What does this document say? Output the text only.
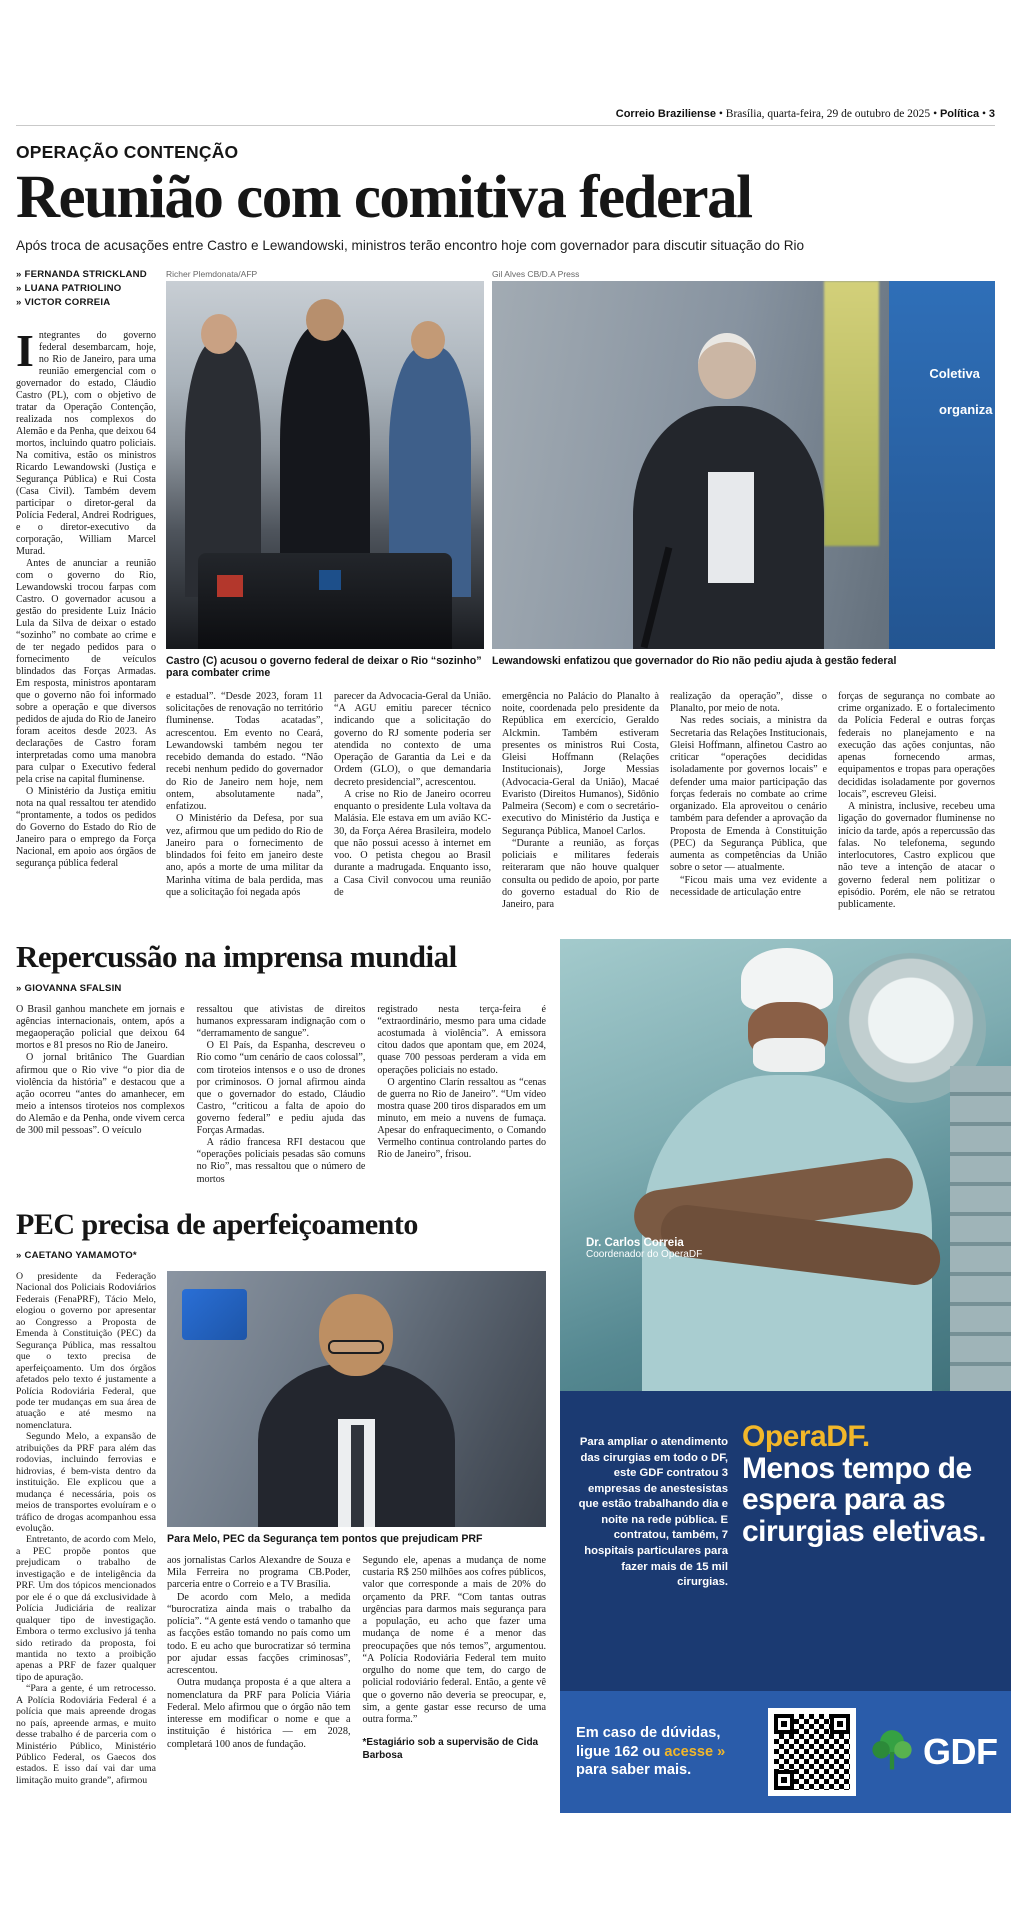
Correio Braziliense • Brasília, quarta-feira, 29 de outubro de 2025 • Política • 3
OPERAÇÃO CONTENÇÃO
Reunião com comitiva federal
Após troca de acusações entre Castro e Lewandowski, ministros terão encontro hoje com governador para discutir situação do Rio
» FERNANDA STRICKLAND
» LUANA PATRIOLINO
» VICTOR CORREIA

Integrantes do governo federal desembarcam, hoje, no Rio de Janeiro, para uma reunião emergencial com o governador do estado, Cláudio Castro (PL), com o objetivo de tratar da Operação Contenção, realizada nos complexos do Alemão e da Penha, que deixou 64 mortos, incluindo quatro policiais. Na comitiva, estão os ministros Ricardo Lewandowski (Justiça e Segurança Pública) e Rui Costa (Casa Civil). Também devem participar o diretor-geral da Polícia Federal, Andrei Rodrigues, e o diretor-executivo da corporação, William Marcel Murad.

Antes de anunciar a reunião com o governo do Rio, Lewandowski trocou farpas com Castro. O governador acusou a gestão do presidente Luiz Inácio Lula da Silva de deixar o estado “sozinho” no combate ao crime e de ter negado pedidos para o fornecimento de veículos blindados das Forças Armadas. Em resposta, ministros apontaram que o governo não foi informado sobre a operação e que diversos pedidos de ajuda do Rio de Janeiro foram aceitos desde 2023. As declarações de Castro foram interpretadas como uma manobra para culpar o Executivo federal pela crise na capital fluminense.

O Ministério da Justiça emitiu nota na qual ressaltou ter atendido “prontamente, a todos os pedidos do Governo do Estado do Rio de Janeiro para o emprego da Força Nacional, em apoio aos órgãos de segurança pública federal

Richer Plemdonata/AFP	Gil Alves CB/D.A Press
Coletiva
organiza
Castro (C) acusou o governo federal de deixar o Rio “sozinho” para combater crime
Lewandowski enfatizou que governador do Rio não pediu ajuda à gestão federal

e estadual”. “Desde 2023, foram 11 solicitações de renovação no território fluminense. Todas acatadas”, acrescentou. Em evento no Ceará, Lewandowski também negou ter recebido demanda do estado. “Não recebi nenhum pedido do governador do Rio de Janeiro nem hoje, nem ontem, absolutamente nada”, enfatizou.

O Ministério da Defesa, por sua vez, afirmou que um pedido do Rio de Janeiro para o fornecimento de blindados foi feito em janeiro deste ano, após a morte de uma militar da Marinha vítima de bala perdida, mas que a solicitação foi negada após

parecer da Advocacia-Geral da União. “A AGU emitiu parecer técnico indicando que a solicitação do governo do RJ somente poderia ser atendida no contexto de uma Operação de Garantia da Lei e da Ordem (GLO), o que demandaria decreto presidencial”, acrescentou.

A crise no Rio de Janeiro ocorreu enquanto o presidente Lula voltava da Malásia. Ele estava em um avião KC-30, da Força Aérea Brasileira, modelo que não possui acesso à internet em voo. O petista chegou ao Brasil durante a madrugada. Enquanto isso, a Casa Civil convocou uma reunião de

emergência no Palácio do Planalto à noite, coordenada pelo presidente da República em exercício, Geraldo Alckmin. Também estiveram presentes os ministros Rui Costa, Gleisi Hoffmann (Relações Institucionais), Jorge Messias (Advocacia-Geral da União), Macaé Evaristo (Direitos Humanos), Sidônio Palmeira (Secom) e com o secretário-executivo do Ministério da Justiça e Segurança Pública, Manoel Carlos.

“Durante a reunião, as forças policiais e militares federais reiteraram que não houve qualquer consulta ou pedido de apoio, por parte do governo estadual do Rio de Janeiro, para

realização da operação”, disse o Planalto, por meio de nota.

Nas redes sociais, a ministra da Secretaria das Relações Institucionais, Gleisi Hoffmann, alfinetou Castro ao criticar “operações decididas isoladamente por governos locais” e defender uma maior participação das forças federais no combate ao crime organizado. Ela aproveitou o cenário também para defender a aprovação da Proposta de Emenda à Constituição (PEC) da Segurança Pública, que aumenta as competências da União sobre o setor — atualmente.

“Ficou mais uma vez evidente a necessidade de articulação entre

forças de segurança no combate ao crime organizado. E o fortalecimento da Polícia Federal e outras forças federais no planejamento e na execução das ações conjuntas, não apenas fornecendo armas, equipamentos e tropas para operações decididas isoladamente por governos locais”, escreveu Gleisi.

A ministra, inclusive, recebeu uma ligação do governador fluminense no início da tarde, após a repercussão das falas. No telefonema, segundo interlocutores, Castro explicou que não teve a intenção de atacar o governo federal nem politizar o episódio. Porém, ele não se retratou publicamente.

Repercussão na imprensa mundial
» GIOVANNA SFALSIN

O Brasil ganhou manchete em jornais e agências internacionais, ontem, após a megaoperação policial que deixou 64 mortos e 81 presos no Rio de Janeiro.

O jornal britânico The Guardian afirmou que o Rio vive “o pior dia de violência da história” e destacou que a ação ocorreu “antes do amanhecer, em meio a intensos tiroteios nos complexos do Alemão e da Penha, onde vivem cerca de 300 mil pessoas”. O veículo

ressaltou que ativistas de direitos humanos expressaram indignação com o “derramamento de sangue”.

O El País, da Espanha, descreveu o Rio como “um cenário de caos colossal”, com tiroteios intensos e o uso de drones por criminosos. O jornal afirmou ainda que o governador do estado, Cláudio Castro, “criticou a falta de apoio do governo federal” e pediu ajuda das Forças Armadas.

A rádio francesa RFI destacou que “operações policiais pesadas são comuns no Rio”, mas ressaltou que o número de mortos

registrado nesta terça-feira é “extraordinário, mesmo para uma cidade acostumada à violência”. A emissora citou dados que apontam que, em 2024, quase 700 pessoas perderam a vida em operações policiais no estado.

O argentino Clarín ressaltou as “cenas de guerra no Rio de Janeiro”. “Um vídeo mostra quase 200 tiros disparados em um minuto, em meio a nuvens de fumaça. Apesar do enfraquecimento, o Comando Vermelho continua controlando partes do Rio de Janeiro”, frisou.

PEC precisa de aperfeiçoamento
» CAETANO YAMAMOTO*

O presidente da Federação Nacional dos Policiais Rodoviários Federais (FenaPRF), Tácio Melo, elogiou o governo por apresentar ao Congresso a Proposta de Emenda à Constituição (PEC) da Segurança Pública, mas ressaltou que o texto precisa de aperfeiçoamento. Um dos órgãos afetados pelo texto é justamente a Polícia Rodoviária Federal, que pode ter mudanças em sua área de atuação e até mesmo na nomenclatura.

Segundo Melo, a expansão de atribuições da PRF para além das rodovias, incluindo ferrovias e hidrovias, é bem-vista dentro da instituição. Ele explicou que a mudança é necessária, pois os meios de transportes evoluíram e o tráfico de drogas acompanhou essa evolução.

Entretanto, de acordo com Melo, a PEC propõe pontos que prejudicam o trabalho de investigação e de inteligência da PRF. Um dos tópicos mencionados por ele é o que dá exclusividade à Polícia Judiciária de realizar qualquer tipo de investigação. Embora o termo exclusivo já tenha sido retirado da proposta, foi mantida no texto a proibição apenas a PRF de fazer qualquer tipo de apuração.

“Para a gente, é um retrocesso. A Polícia Rodoviária Federal é a polícia que mais apreende drogas no país, apreende armas, e muito desse trabalho é de parceria com o Ministério Público, Ministério Público Federal, os Gaecos dos estados. E isso daí vai dar uma limitação muito grande”, afirmou

Para Melo, PEC da Segurança tem pontos que prejudicam PRF

aos jornalistas Carlos Alexandre de Souza e Mila Ferreira no programa CB.Poder, parceria entre o Correio e a TV Brasília.

De acordo com Melo, a medida “burocratiza ainda mais o trabalho da polícia”. “A gente está vendo o tamanho que as facções estão tomando no país como um todo. E eu acho que burocratizar só termina por ajudar essas facções criminosas”, acrescentou.

Outra mudança proposta é a que altera a nomenclatura da PRF para Polícia Viária Federal. Melo afirmou que o órgão não tem interesse em modificar o nome e que a instituição é histórica — em 2028, completará 100 anos de fundação.

Segundo ele, apenas a mudança de nome custaria R$ 250 milhões aos cofres públicos, valor que corresponde a mais de 20% do orçamento da PRF. “Com tantas outras urgências para darmos mais segurança para a população, eu acho que fazer uma mudança de nome é a menor das preocupações que nós temos”, argumentou. “A Polícia Rodoviária Federal tem muito orgulho do nome que tem, do cargo de policial rodoviário federal. Então, a gente vê que o governo não deveria se preocupar, e, sim, a gente gastar esse recurso de uma outra forma.”

*Estagiário sob a supervisão de Cida Barbosa
Dr. Carlos Correia
Coordenador do OperaDF
Para ampliar o atendimento das cirurgias em todo o DF, este GDF contratou 3 empresas de anestesistas que estão trabalhando dia e noite na rede pública. E contratou, também, 7 hospitais particulares para fazer mais de 15 mil cirurgias.
OperaDF.
Menos tempo de espera para as cirurgias eletivas.
Em caso de dúvidas, ligue 162 ou acesse » para saber mais.	GDF
